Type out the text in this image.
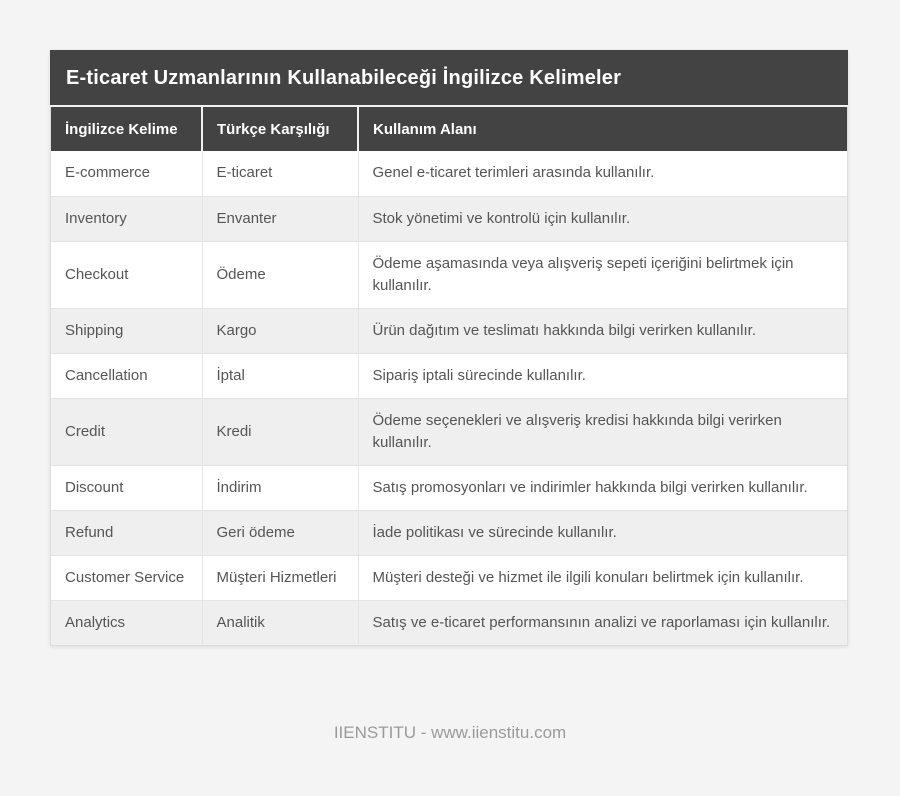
E-ticaret Uzmanlarının Kullanabileceği İngilizce Kelimeler
İngilizce Kelime	Türkçe Karşılığı	Kullanım Alanı
E-commerce	E-ticaret	Genel e-ticaret terimleri arasında kullanılır.
Inventory	Envanter	Stok yönetimi ve kontrolü için kullanılır.
Checkout	Ödeme	Ödeme aşamasında veya alışveriş sepeti içeriğini belirtmek için kullanılır.
Shipping	Kargo	Ürün dağıtım ve teslimatı hakkında bilgi verirken kullanılır.
Cancellation	İptal	Sipariş iptali sürecinde kullanılır.
Credit	Kredi	Ödeme seçenekleri ve alışveriş kredisi hakkında bilgi verirken kullanılır.
Discount	İndirim	Satış promosyonları ve indirimler hakkında bilgi verirken kullanılır.
Refund	Geri ödeme	İade politikası ve sürecinde kullanılır.
Customer Service	Müşteri Hizmetleri	Müşteri desteği ve hizmet ile ilgili konuları belirtmek için kullanılır.
Analytics	Analitik	Satış ve e-ticaret performansının analizi ve raporlaması için kullanılır.
IIENSTITU - www.iienstitu.com
